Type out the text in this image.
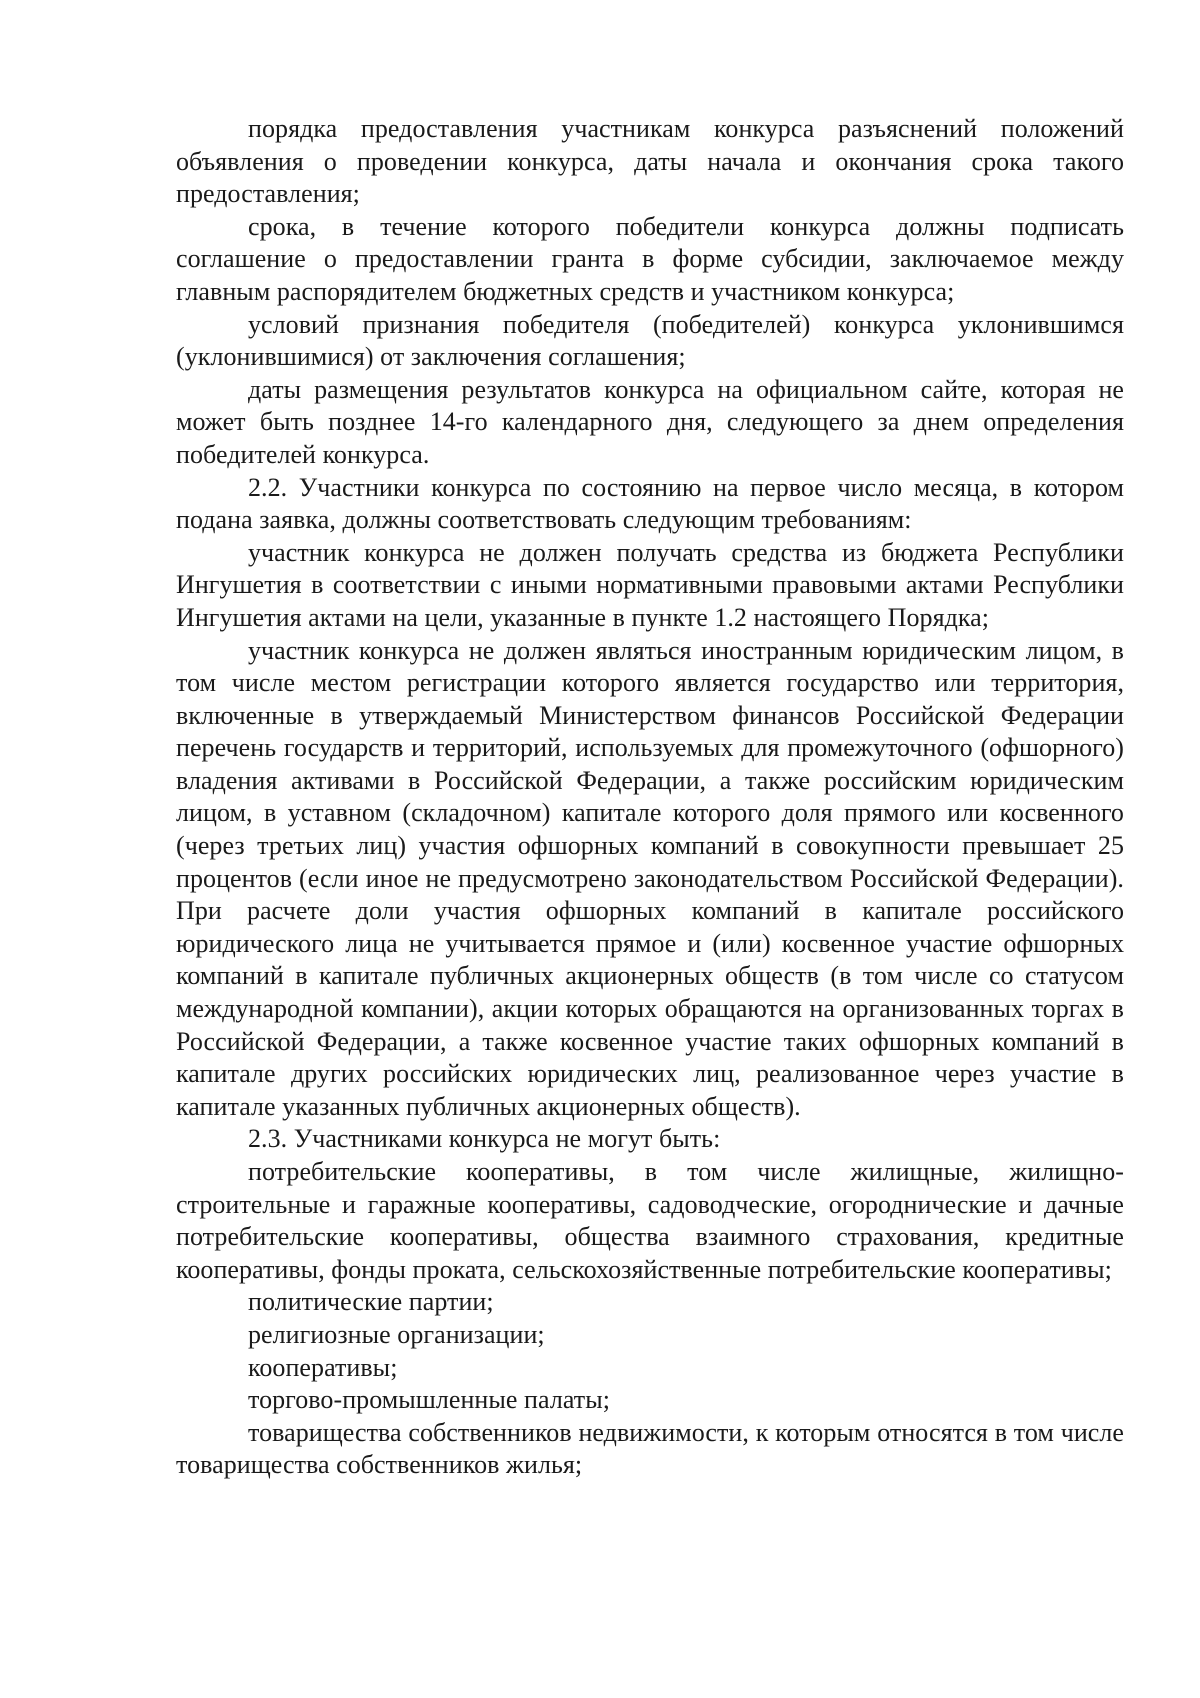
порядка предоставления участникам конкурса разъяснений положений объявления о проведении конкурса, даты начала и окончания срока такого предоставления;

срока, в течение которого победители конкурса должны подписать соглашение о предоставлении гранта в форме субсидии, заключаемое между главным распорядителем бюджетных средств и участником конкурса;

условий признания победителя (победителей) конкурса уклонившимся (уклонившимися) от заключения соглашения;

даты размещения результатов конкурса на официальном сайте, которая не может быть позднее 14-го календарного дня, следующего за днем определения победителей конкурса.

2.2. Участники конкурса по состоянию на первое число месяца, в котором подана заявка, должны соответствовать следующим требованиям:

участник конкурса не должен получать средства из бюджета Республики Ингушетия в соответствии с иными нормативными правовыми актами Республики Ингушетия актами на цели, указанные в пункте 1.2 настоящего Порядка;

участник конкурса не должен являться иностранным юридическим лицом, в том числе местом регистрации которого является государство или территория, включенные в утверждаемый Министерством финансов Российской Федерации перечень государств и территорий, используемых для промежуточного (офшорного) владения активами в Российской Федерации, а также российским юридическим лицом, в уставном (складочном) капитале которого доля прямого или косвенного (через третьих лиц) участия офшорных компаний в совокупности превышает 25 процентов (если иное не предусмотрено законодательством Российской Федерации). При расчете доли участия офшорных компаний в капитале российского юридического лица не учитывается прямое и (или) косвенное участие офшорных компаний в капитале публичных акционерных обществ (в том числе со статусом международной компании), акции которых обращаются на организованных торгах в Российской Федерации, а также косвенное участие таких офшорных компаний в капитале других российских юридических лиц, реализованное через участие в капитале указанных публичных акционерных обществ).

2.3. Участниками конкурса не могут быть:

потребительские кооперативы, в том числе жилищные, жилищно-строительные и гаражные кооперативы, садоводческие, огороднические и дачные потребительские кооперативы, общества взаимного страхования, кредитные кооперативы, фонды проката, сельскохозяйственные потребительские кооперативы;

политические партии;

религиозные организации;

кооперативы;

торгово-промышленные палаты;

товарищества собственников недвижимости, к которым относятся в том числе товарищества собственников жилья;
